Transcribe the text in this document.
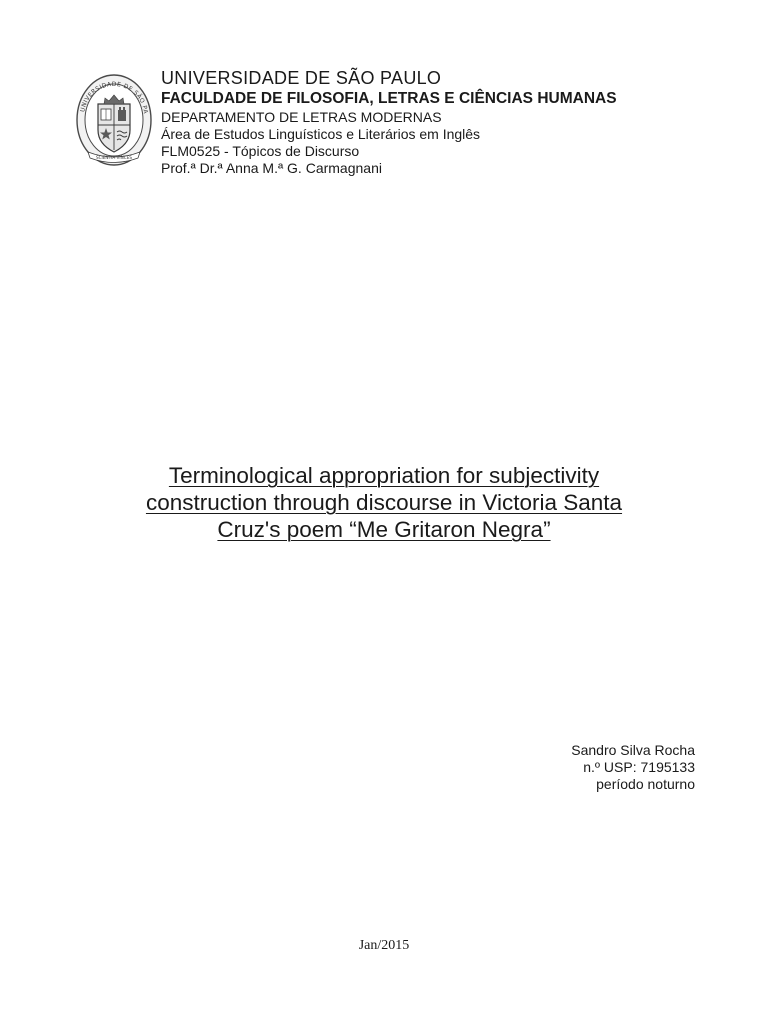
UNIVERSIDADE DE SÃO PA
SCIENTIA VINCES

UNIVERSIDADE DE SÃO PAULO

FACULDADE DE FILOSOFIA, LETRAS E CIÊNCIAS HUMANAS

DEPARTAMENTO DE LETRAS MODERNAS

Área de Estudos Linguísticos e Literários em Inglês

FLM0525 - Tópicos de Discurso

Prof.ª Dr.ª Anna M.ª G. Carmagnani

Terminological appropriation for subjectivity
construction through discourse in Victoria Santa
Cruz's poem “Me Gritaron Negra”
Sandro Silva Rocha
n.º USP: 7195133
período noturno
Jan/2015
